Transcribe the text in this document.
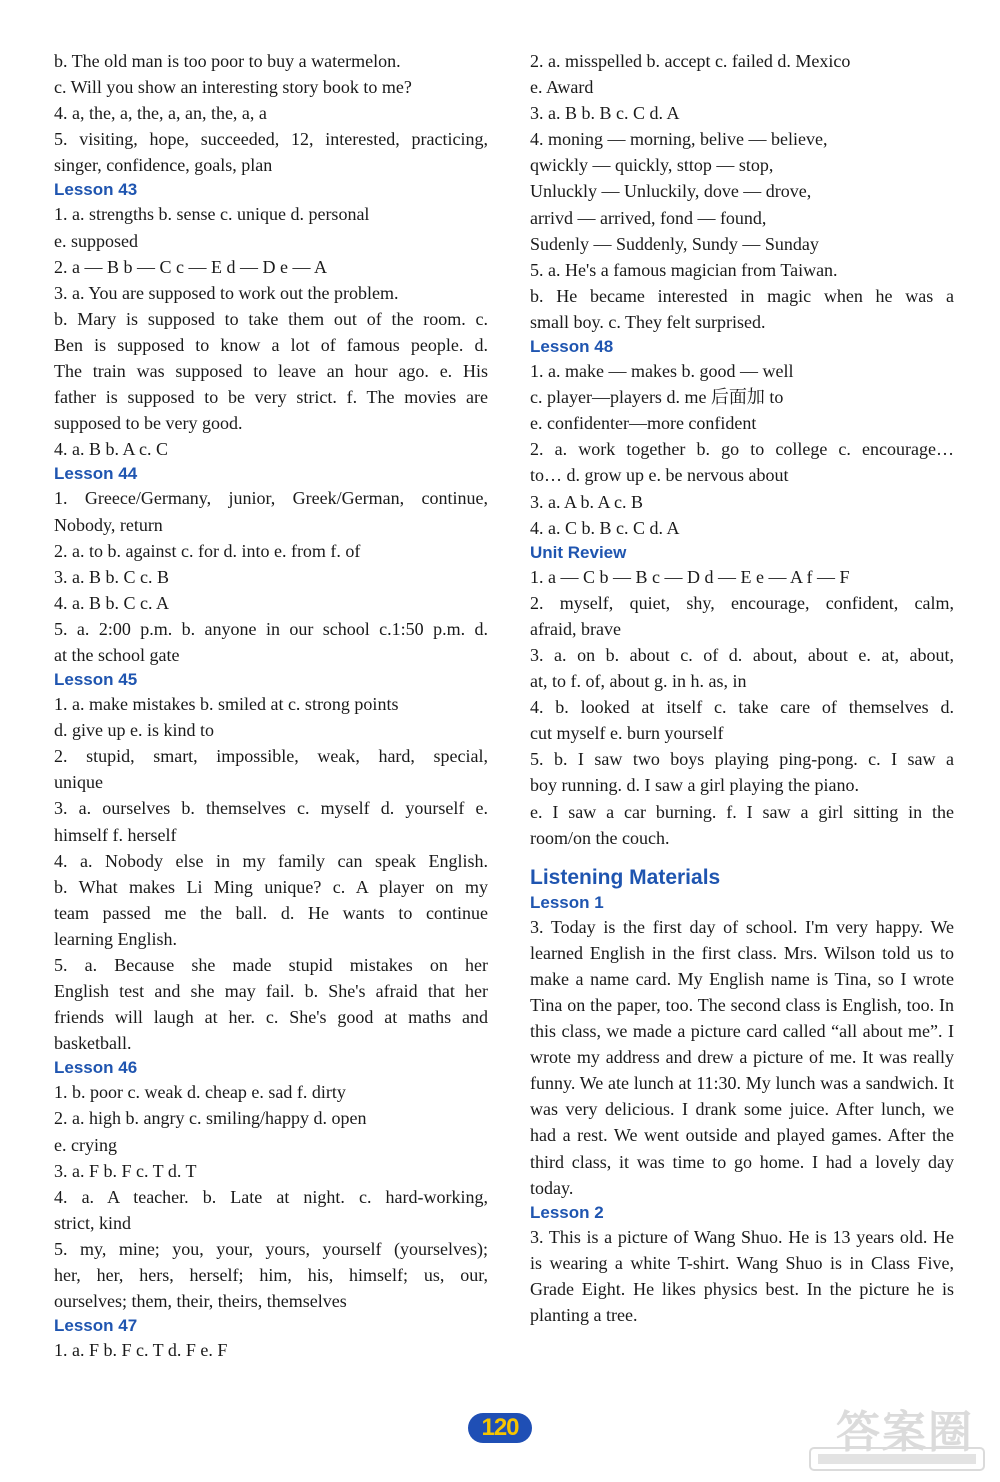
b. The old man is too poor to buy a watermelon.
c. Will you show an interesting story book to me?
4. a, the, a, the, a, an, the, a, a
5. visiting, hope, succeeded, 12, interested, practicing,
singer, confidence, goals, plan
Lesson 43
1. a. strengths b. sense c. unique d. personal
e. supposed
2. a — B b — C c — E d — D e — A
3. a. You are supposed to work out the problem.
b. Mary is supposed to take them out of the room. c.
Ben is supposed to know a lot of famous people. d.
The train was supposed to leave an hour ago. e. His
father is supposed to be very strict. f. The movies are
supposed to be very good.
4. a. B b. A c. C
Lesson 44
1. Greece/Germany, junior, Greek/German, continue,
Nobody, return
2. a. to b. against c. for d. into e. from f. of
3. a. B b. C c. B
4. a. B b. C c. A
5. a. 2:00 p.m. b. anyone in our school c.1:50 p.m. d.
at the school gate
Lesson 45
1. a. make mistakes b. smiled at c. strong points
d. give up e. is kind to
2. stupid, smart, impossible, weak, hard, special,
unique
3. a. ourselves b. themselves c. myself d. yourself e.
himself f. herself
4. a. Nobody else in my family can speak English.
b. What makes Li Ming unique? c. A player on my
team passed me the ball. d. He wants to continue
learning English.
5. a. Because she made stupid mistakes on her
English test and she may fail. b. She's afraid that her
friends will laugh at her. c. She's good at maths and
basketball.
Lesson 46
1. b. poor c. weak d. cheap e. sad f. dirty
2. a. high b. angry c. smiling/happy d. open
e. crying
3. a. F b. F c. T d. T
4. a. A teacher. b. Late at night. c. hard-working,
strict, kind
5. my, mine; you, your, yours, yourself (yourselves);
her, her, hers, herself; him, his, himself; us, our,
ourselves; them, their, theirs, themselves
Lesson 47
1. a. F b. F c. T d. F e. F
2. a. misspelled b. accept c. failed d. Mexico
e. Award
3. a. B b. B c. C d. A
4. moning — morning, belive — believe,
qwickly — quickly, sttop — stop,
Unluckly — Unluckily, dove — drove,
arrivd — arrived, fond — found,
Sudenly — Suddenly, Sundy — Sunday
5. a. He's a famous magician from Taiwan.
b. He became interested in magic when he was a
small boy. c. They felt surprised.
Lesson 48
1. a. make — makes b. good — well
c. player—players d. me 后面加 to
e. confidenter—more confident
2. a. work together b. go to college c. encourage…
to… d. grow up e. be nervous about
3. a. A b. A c. B
4. a. C b. B c. C d. A
Unit Review
1. a — C b — B c — D d — E e — A f — F
2. myself, quiet, shy, encourage, confident, calm,
afraid, brave
3. a. on b. about c. of d. about, about e. at, about,
at, to f. of, about g. in h. as, in
4. b. looked at itself c. take care of themselves d.
cut myself e. burn yourself
5. b. I saw two boys playing ping-pong. c. I saw a
boy running. d. I saw a girl playing the piano.
e. I saw a car burning. f. I saw a girl sitting in the
room/on the couch.
Listening Materials
Lesson 1
3. Today is the first day of school. I'm very happy. We learned English in the first class. Mrs. Wilson told us to make a name card. My English name is Tina, so I wrote Tina on the paper, too. The second class is English, too. In this class, we made a picture card called “all about me”. I wrote my address and drew a picture of me. It was really funny. We ate lunch at 11:30. My lunch was a sandwich. It was very delicious. I drank some juice. After lunch, we had a rest. We went outside and played games. After the third class, it was time to go home. I had a lovely day today.
Lesson 2
3. This is a picture of Wang Shuo. He is 13 years old. He is wearing a white T-shirt. Wang Shuo is in Class Five, Grade Eight. He likes physics best. In the picture he is planting a tree.
120	答案圈
